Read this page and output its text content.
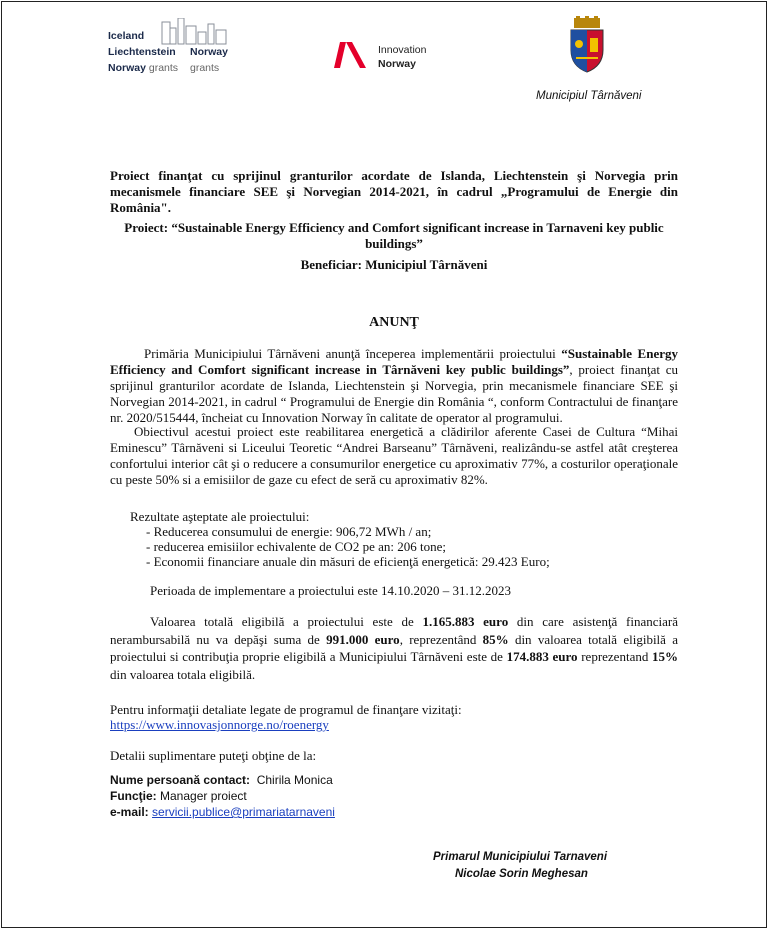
Iceland
Liechtenstein
Norway grants
Norway
grants
Innovation
Norway
Municipiul Târnăveni
Proiect finanţat cu sprijinul granturilor acordate de Islanda, Liechtenstein şi Norvegia prin mecanismele financiare SEE şi Norvegian 2014-2021, în cadrul „Programului de Energie din România".
Proiect: “Sustainable Energy Efficiency and Comfort significant increase in Tarnaveni key public buildings”
Beneficiar: Municipiul Târnăveni
ANUNŢ
Primăria Municipiului Târnăveni anunţă începerea implementării proiectului “Sustainable Energy Efficiency and Comfort significant increase in Târnăveni key public buildings”, proiect finanţat cu sprijinul granturilor acordate de Islanda, Liechtenstein şi Norvegia, prin mecanismele financiare SEE şi Norvegian 2014-2021, in cadrul “ Programului de Energie din România “, conform Contractului de finanţare nr. 2020/515444, încheiat cu Innovation Norway în calitate de operator al programului.
Obiectivul acestui proiect este reabilitarea energetică a clădirilor aferente Casei de Cultura “Mihai Eminescu” Târnăveni si Liceului Teoretic “Andrei Barseanu” Târnăveni, realizându-se astfel atât creşterea confortului interior cât şi o reducere a consumurilor energetice cu aproximativ 77%, a costurilor operaţionale cu peste 50% si a emisiilor de gaze cu efect de seră cu aproximativ 82%.
Rezultate aşteptate ale proiectului:
- Reducerea consumului de energie: 906,72 MWh / an;
- reducerea emisiilor echivalente de CO2 pe an: 206 tone;
- Economii financiare anuale din măsuri de eficienţă energetică: 29.423 Euro;
Perioada de implementare a proiectului este 14.10.2020 – 31.12.2023
Valoarea totală eligibilă a proiectului este de 1.165.883 euro din care asistenţă financiară nerambursabilă nu va depăşi suma de 991.000 euro, reprezentând 85% din valoarea totală eligibilă a proiectului si contribuţia proprie eligibilă a Municipiului Târnăveni este de 174.883 euro reprezentand 15% din valoarea totala eligibilă.
Pentru informaţii detaliate legate de programul de finanţare vizitaţi:
https://www.innovasjonnorge.no/roenergy
Detalii suplimentare puteţi obţine de la:
Nume persoană contact: Chirila Monica
Funcţie: Manager proiect
e-mail: servicii.publice@primariatarnaveni
Primarul Municipiului Tarnaveni
Nicolae Sorin Meghesan
